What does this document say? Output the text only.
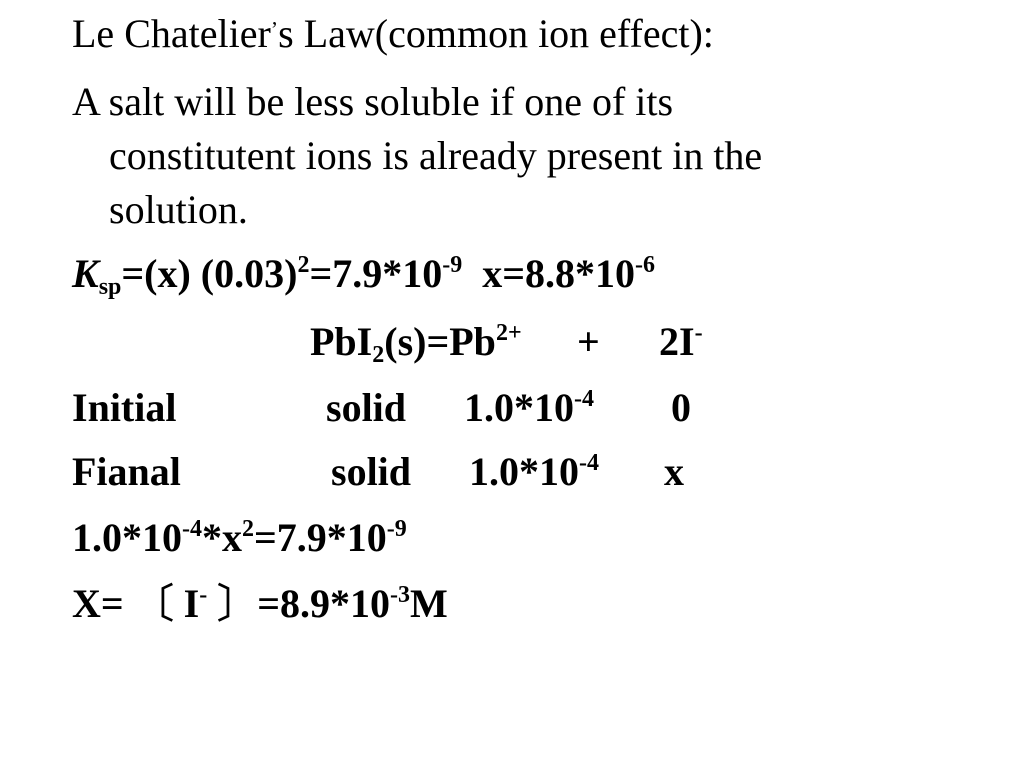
Le Chatelier$^ʼ$s Law(common ion effect):
A salt will be less soluble if one of its
constitutent ions is already present in the
solution.
$K_{sp}=(x)$ $(0.03)^2=7.9*10^{-9}$  $x=8.8*10^{-6}$
$PbI_2(s)=Pb^{2+} + 2I^-$
Initial	solid $1.0*10^{-4}$ 0
Fianal	solid $1.0*10^{-4}$ x
$1.0*10^{-4}*x^2=7.9*10^{-9}$
X= 〔 I- 〕$=8.9*10^{-3}M$
